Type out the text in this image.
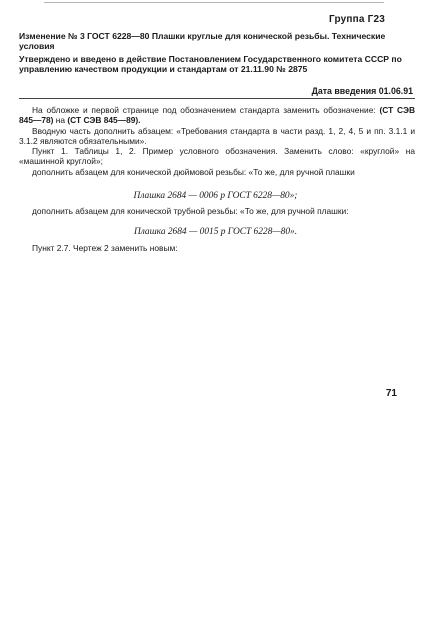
Группа Г23
Изменение № 3 ГОСТ 6228—80 Плашки круглые для конической резьбы. Технические условия
Утверждено и введено в действие Постановлением Государственного комитета СССР по управлению качеством продукции и стандартам от 21.11.90 № 2875
Дата введения 01.06.91

На обложке и первой странице под обозначением стандарта заменить обозначение: (СТ СЭВ 845—78) на (СТ СЭВ 845—89).

Вводную часть дополнить абзацем: «Требования стандарта в части разд. 1, 2, 4, 5 и пп. 3.1.1 и 3.1.2 являются обязательными».

Пункт 1. Таблицы 1, 2. Пример условного обозначения. Заменить слово: «круглой» на «машинной круглой»;

дополнить абзацем для конической дюймовой резьбы: «То же, для ручной плашки

Плашка 2684 — 0006 р ГОСТ 6228—80»;

дополнить абзацем для конической трубной резьбы: «То же, для ручной плашки:

Плашка 2684 — 0015 р ГОСТ 6228—80».

Пункт 2.7. Чертеж 2 заменить новым:

71
